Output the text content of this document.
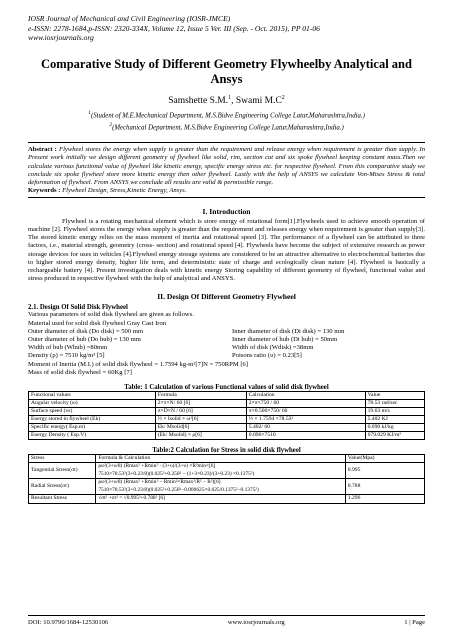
IOSR Journal of Mechanical and Civil Engineering (IOSR-JMCE)
e-ISSN: 2278-1684,p-ISSN: 2320-334X, Volume 12, Issue 5 Ver. III (Sep. - Oct. 2015), PP 01-06
www.iosrjournals.org
Comparative Study of Different Geometry Flywheelby Analytical and Ansys
Samshette S.M.$^1$, Swami $M.C^2$
$^1$(Student of M.E.Mechanical Department, M.S.Bidve Engineering College Latur,Maharashtra,India.)
$^2$(Mechanical Department, M.S.Bidve Engineering College Latur,Maharashtra,India.)
Abstract : Flywheel stores the energy when supply is greater than the requirement and release energy when requirement is greater than supply. In Present work initially we design different geometry of flywheel like solid, rim, section cut and six spoke flywheel keeping constant mass.Then we calculate various functional value of flywheel like kinetic energy, specific energy stress etc. for respective flywheel. From this comparative study we conclude six spoke flywheel store more kinetic energy then other flywheel. Lastly with the help of ANSYS we calculate Von-Mises Stress & total deformation of flywheel. From ANSYS we conclude all results are valid & permissible range.
Keywords : Flywheel Design, Stress,Kinetic Energy, Ansys.
I. Introduction
Flywheel is a rotating mechanical element which is store energy of rotational form[1].Flywheels used to achieve smooth operation of machine [2]. Flywheel stores the energy when supply is greater than the requirement and releases energy when requirement is greater than supply[3]. The stored kinetic energy relies on the mass moment of inertia and rotational speed [3]. The performance of a flywheel can be attributed to three factors, i.e., material strength, geometry (cross- section) and rotational speed [4]. Flywheels have become the subject of extensive research as power storage devices for uses in vehicles [4].Flywheel energy storage systems are considered to be an attractive alternative to electrochemical batteries due to higher stored energy density, higher life term, and deterministic state of charge and ecologically clean nature [4]. Flywheel is basically a rechargeable battery [4]. Present investigation deals with kinetic energy Storing capability of different geometry of flywheel, functional value and stress produced in respective flywheel with the help of analytical and ANSYS.
II. Design Of Different Geometry Flywheel
2.1. Design Of Solid Disk Flywheel
Various parameters of solid disk flywheel are given as follows.
Material used for solid disk flywheel Gray Cast Iron
Outer diameter of disk (Do disk) = 500 mm	Inner diameter of disk (Di disk) = 130 mm
Outer diameter of hub (Do hub) = 130 mm	Inner diameter of hub (Di hub) = 50mm
Width of hub (Whub) =80mm	Width of disk (Wdisk) =38mm
Density (ρ) = 7510 kg/m³ [5]	Poisons ratio (υ) = 0.23[5]
Moment of Inertia (M.I.) of solid disk flywheel = 1.7594 kg-m²[7]N = 750RPM [6]
Mass of solid disk flywheel = 60Kg [7]
Table: 1 Calculation of various Functional values of solid disk flywheel
Functional values	Formula	Calculation	Value
Angular velocity (ω)	2×π×N/ 60 [6]	2×π×750 / 60	78.53 rad/sec
Surface speed (vs)	π×D×N / 60 [6]	π×0.500×750/ 60	19.63 m/s
Energy stored in flywheel (Ek)	½ × Isolid × ω²[6]	½ × 1.7594 ×78.53²	5.402 KJ
Specific energy( Esp.m)	Ek/ Msolid[6]	5.402/ 60	0.090 kJ/kg
Energy Density ( Esp.V)	(Ek/ Msolid) × ρ[6]	0.090×7510	679.029 KJ/m³
Table:2 Calculation for Stress in solid disk flywheel
Stress	Formula & Calculation	Value(Mpa)
Tangential Stress(σt)	ρω²(3+υ/8) (Rmax² +Rmin² · (3+υ)/(3+υ) ×R²min×[6]
7510×78.53²(3+0.23/8)(0.025²+0.250² − (1+3×0.23)/(3+0.23) ×0.1375²)	0.995
Radial Stress(σr)	ρω²(3+υ/8) (Rmax² +Rmin² − Rmin²×Rmax²/R² − R²)[6]
7510×78.53²(3+0.23/8)(0.025²+0.250²−0.000625×0.625/0.1375²−0.1375²)	0.788
Resultant Stress	√σt² +σr² = √0.995²+0.788² [6]	1.296
DOI: 10.9790/1684-12530106	www.iosrjournals.org	1 | Page
